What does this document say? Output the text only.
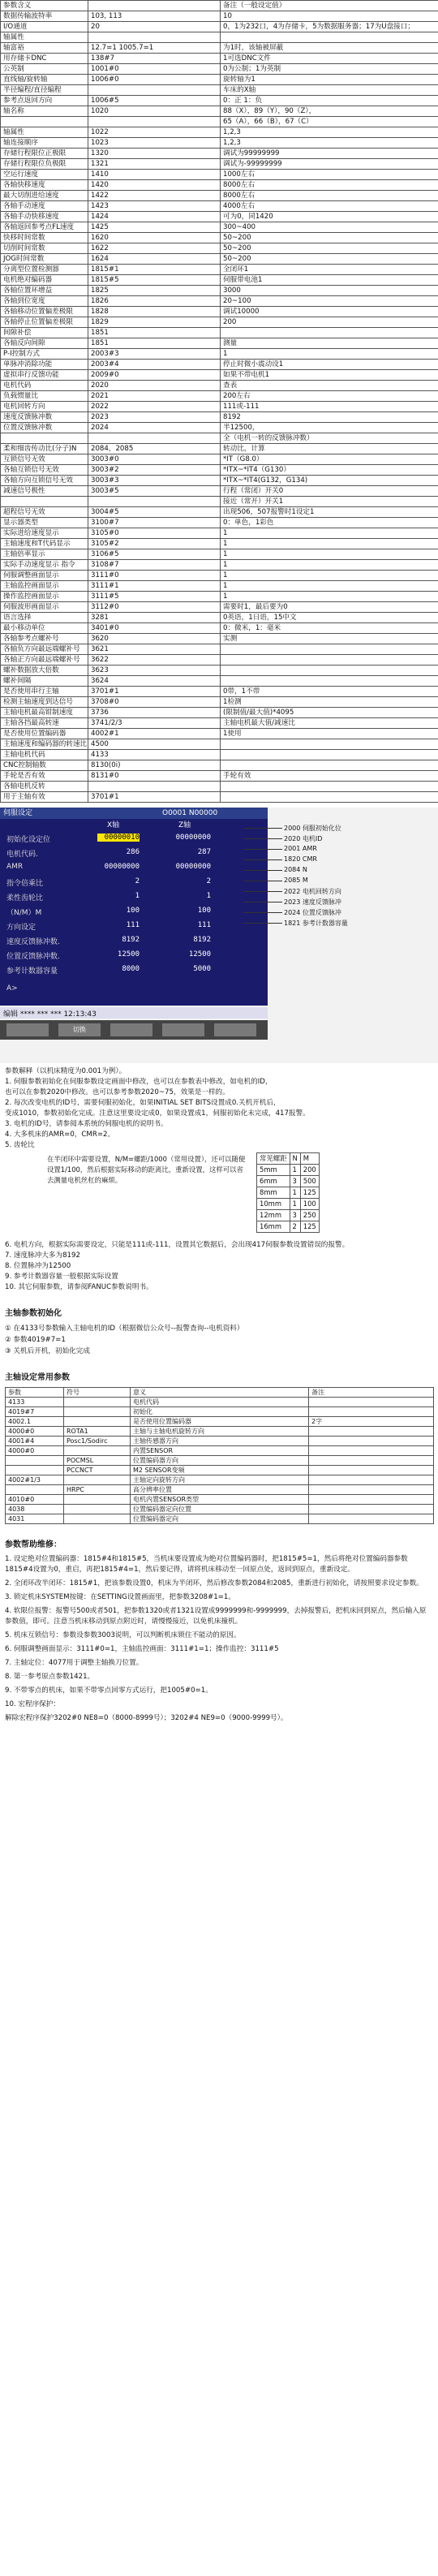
参数含义		备注（一般设定值）
数据传输波特率	103, 113	10
I/O通道	20	0，1为232口，4为存储卡，5为数据服务器；17为U盘接口；
轴属性		
轴富裕	12.7=1 1005.7=1	为1时，该轴被屏蔽
用存储卡DNC	138#7	1可选DNC文件
公英制	1001#0	0为公制；1为英制
直线轴/旋转轴	1006#0	旋转轴为1
半径编程/直径编程		车床的X轴
参考点返回方向	1006#5	0：正 1：负
轴名称	1020	88（X），89（Y），90（Z），
		65（A），66（B），67（C）
轴属性	1022	1,2,3
轴连接顺序	1023	1,2,3
存储行程限位正极限	1320	调试为99999999
存储行程限位负极限	1321	调试为-99999999
空运行速度	1410	1000左右
各轴快移速度	1420	8000左右
最大切削进给速度	1422	8000左右
各轴手动速度	1423	4000左右
各轴手动快移速度	1424	可为0，同1420
各轴返回参考点FL速度	1425	300~400
快移时间常数	1620	50~200
切削时间常数	1622	50~200
JOG时间常数	1624	50~200
分离型位置检测器	1815#1	全闭环1
电机绝对编码器	1815#5	伺服带电池1
各轴位置环增益	1825	3000
各轴到位宽度	1826	20~100
各轴移动位置偏差极限	1828	调试10000
各轴停止位置偏差极限	1829	200
间隙补偿	1851	
各轴反向间隙	1851	测量
P-I控制方式	2003#3	1
单脉冲消除功能	2003#4	停止时微小震动设1
虚拟串行反馈功能	2009#0	如果不带电机1
电机代码	2020	查表
负载惯量比	2021	200左右
电机回转方向	2022	111或-111
速度反馈脉冲数	2023	8192
位置反馈脉冲数	2024	半12500，
		全（电机一转的反馈脉冲数）
柔和细齿传动比(分子)N	2084，2085	转动比，计算
互锁信号无效	3003#0	*IT（G8.0）
各轴互锁信号无效	3003#2	*ITX~*IT4（G130）
各轴方向互锁信号无效	3003#3	*ITX~*IT4(G132，G134)
减速信号极性	3003#5	行程（常闭）开关0
		接近（常开）开关1
超程信号无效	3004#5	出现506，507报警时1设定1
显示器类型	3100#7	0：单色，1彩色
实际进给速度显示	3105#0	1
主轴速度和T代码显示	3105#2	1
主轴倍率显示	3106#5	1
实际手动速度显示 指令	3108#7	1
伺服调整画面显示	3111#0	1
主轴监控画面显示	3111#1	1
操作监控画面显示	3111#5	1
伺服波形画面显示	3112#0	需要时1，最后要为0
语言选择	3281	0英语，1日语，15中文
最小移动单位	3401#0	0：微米，1：毫米
各轴参考点螺补号	3620	实测
各轴负方向最远端螺补号	3621	
各轴正方向最远端螺补号	3622	
螺补数据放大倍数	3623	
螺补间隔	3624	
是否使用串行主轴	3701#1	0带，1不带
检测主轴速度到达信号	3708#0	1检测
主轴电机最高钳制速度	3736	(限制值/最大值)*4095
主轴各挡最高转速	3741/2/3	主轴电机最大值/减速比
是否使用位置编码器	4002#1	1使用
主轴速度和编码器的转速比	4500	
主轴电机代码	4133	
CNC控制轴数	8130(0i)	
手轮是否有效	8131#0	手轮有效
各轴电机反转		
用于主轴有效	3701#1	
伺服设定	O0001 N00000
X轴	Z轴
初始化设定位	00000010	00000000
电机代码.	286	287
AMR	00000000	00000000
指令倍乘比	2	2
柔性齿轮比	1	1
（N/M）M	100	100
方向设定	111	111
速度反馈脉冲数.	8192	8192
位置反馈脉冲数.	12500	12500
参考计数器容量	8000	5000
A>
编辑 **** *** *** 12:13:43
切换
2000 伺服初始化位
2020 电机ID
2001 AMR
1820 CMR
2084 N
2085 M
2022 电机回转方向
2023 速度反馈脉冲
2024 位置反馈脉冲
1821 参考计数器容量

参数解释（以机床精度为0.001为例）。

1. 伺服参数初始化在伺服参数设定画面中修改，也可以在参数表中修改，如电机的ID，

也可以在参数2020中修改。也可以参考参数2020~75，效果是一样的。

2. 每次改变电机的ID号，需要伺服初始化，如果INITIAL SET BITS设置成0.关机开机后，

变成1010，参数初始化完成。注意这里要设定成0，如果设置成1，伺服初始化未完成，417报警。

3. 电机的ID号，请参阅本系统的伺服电机的说明书。

4. 大多机床的AMR=0，CMR=2。

5. 齿轮比

在半闭环中需要设置，N/M=螺距/1000（常用设置），还可以随便设置1/100，然后根据实际移动的距离比，重新设置，这样可以省去测量电机丝杠的麻烦。
常见螺距	N	M
5mm	1	200
6mm	3	500
8mm	1	125
10mm	1	100
12mm	3	250
16mm	2	125

6. 电机方向，根据实际需要设定，只能是111或-111，设置其它数据后，会出现417伺服参数设置错误的报警。

7. 速度脉冲大多为8192

8. 位置脉冲为12500

9. 参考计数器容量一般根据实际设置

10. 其它伺服参数，请参阅FANUC参数说明书。

主轴参数初始化

① 在4133号参数输入主轴电机的ID（根据微信公众号--报警查询--电机资料）

② 参数4019#7=1

③ 关机后开机，初始化完成

主轴设定常用参数
参数	符号	意义	备注
4133		电机代码	
4019#7		初始化	
4002.1		是否使用位置编码器	2字
4000#0	ROTA1	主轴与主轴电机旋转方向	
4001#4	Posc1/Sodirc	主轴传感器方向	
4000#0		内置SENSOR	
	POCMSL	位置编码器方向	
	PCCNCT	M2 SENSOR变频	
4002#1/3		主轴定向旋转方向	
	HRPC	高分辨率位置	
4010#0		电机内置SENSOR类型	
4038		位置编码器定向位置	
4031		位置编码器定向	
参数帮助维修：

1. 设定绝对位置编码器：1815#4和1815#5，当机床要设置成为绝对位置编码器时，把1815#5=1，然后将绝对位置编码器参数1815#4设置为0，重启，再把1815#4=1，然后要记得，请将机床移动至一回原点处，返回到原点，重新设定。

2. 全闭环改半闭环：1815#1，把该参数设置0，机床为半闭环，然后修改参数2084和2085，重新进行初始化，请按照要求设定参数。

3. 锁定机床SYSTEM按键：在SETTING设置画面里，把参数3208#1=1。

4. 软限位报警：报警号500或者501，把参数1320或者1321设置成9999999和-9999999，去掉报警后，把机床回到原点，然后输入原参数值，即可。注意当机床移动到原点附近时，请慢慢接近，以免机床撞机。

5. 机床互锁信号：参数设参数3003说明，可以判断机床锁住不能动的原因。

6. 伺服调整画面显示：3111#0=1，主轴监控画面：3111#1=1；操作监控：3111#5

7. 主轴定位：4077用于调整主轴换刀位置。

8. 第一参考原点参数1421。

9. 不带零点的机床，如果不带零点回零方式运行，把1005#0=1。

10. 宏程序保护：

解除宏程序保护3202#0 NE8=0（8000-8999号）；3202#4 NE9=0（9000-9999号）。
